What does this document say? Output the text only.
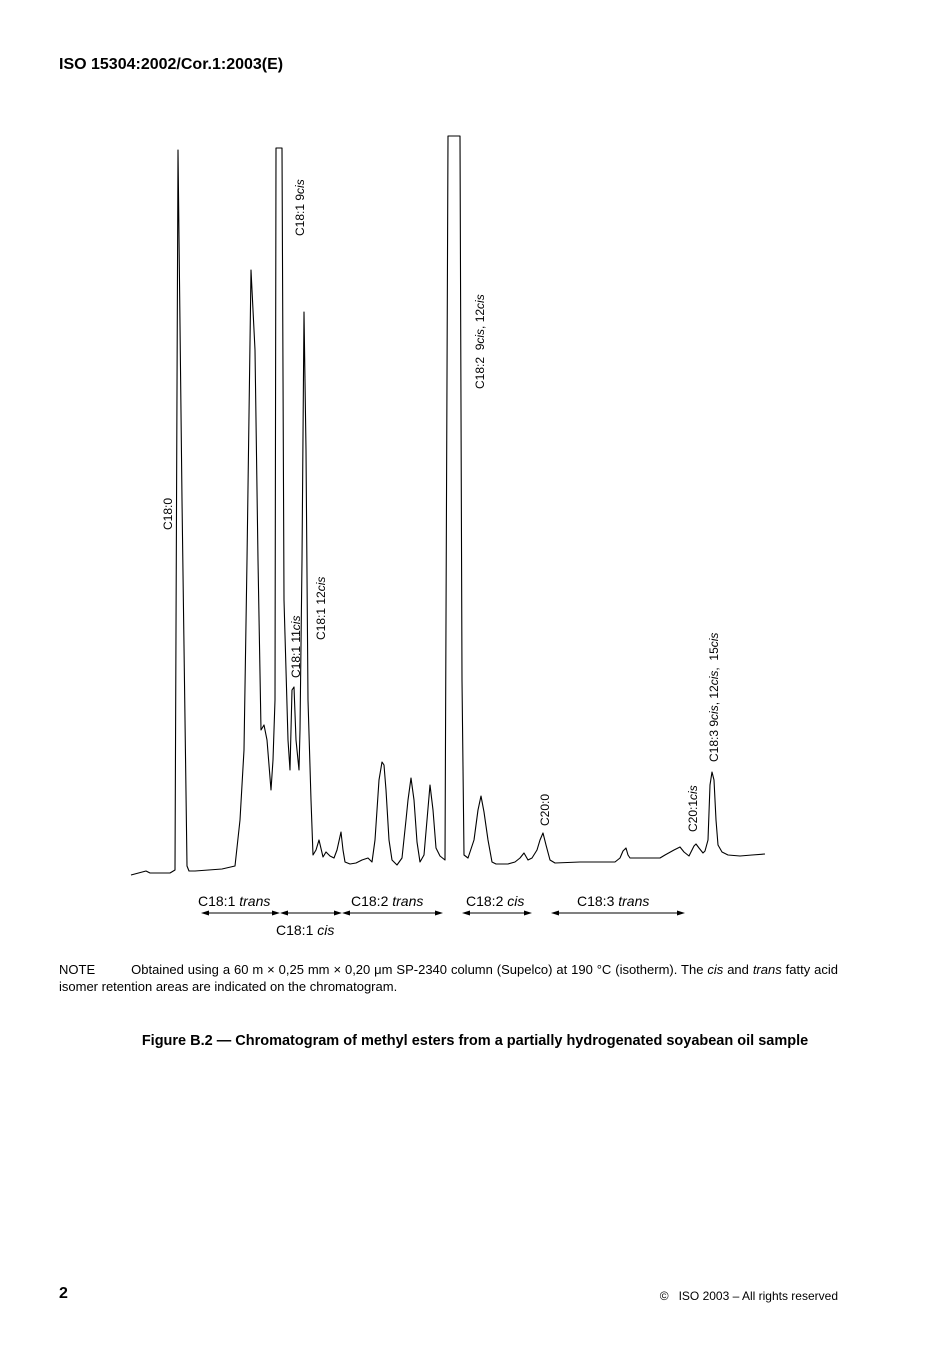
ISO 15304:2002/Cor.1:2003(E)
C18:0
C18:1 9cis
C18:1 11cis C18:1 12cis
C18:2  9cis, 12cis
C20:0	C20:1cis
C18:3 9cis, 12cis,  15cis
C18:1 trans
C18:1 cis
C18:2 trans	C18:2 cis	C18:3 trans
NOTE	Obtained using a 60 m × 0,25 mm × 0,20 μm SP-2340 column (Supelco) at 190 °C (isotherm). The cis and trans fatty acid isomer retention areas are indicated on the chromatogram.
Figure B.2 — Chromatogram of methyl esters from a partially hydrogenated soyabean oil sample
2	© ISO 2003 – All rights reserved
